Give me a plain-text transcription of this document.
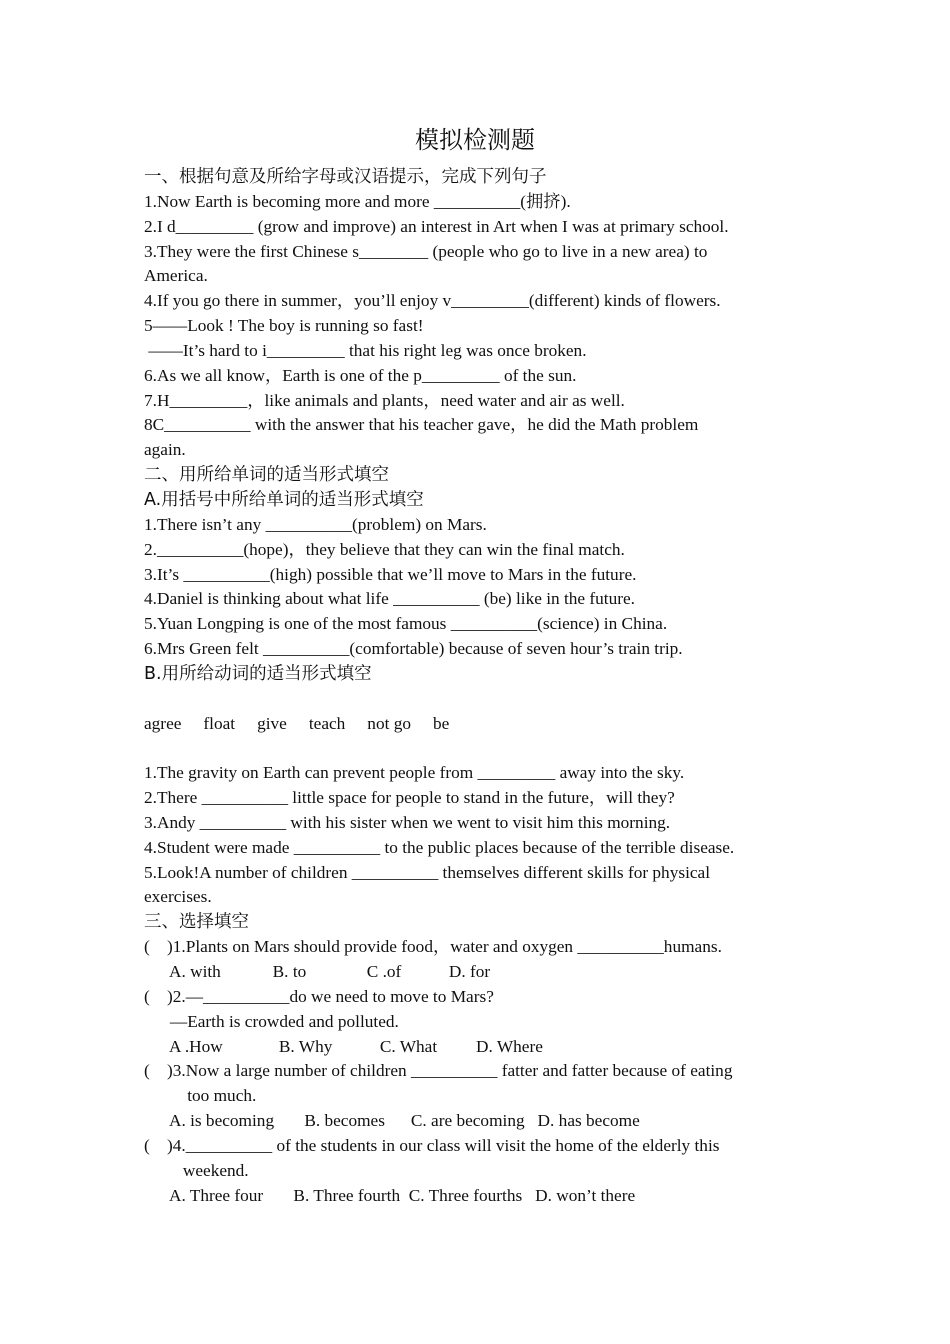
模拟检测题
一、根据句意及所给字母或汉语提示，完成下列句子
1.Now Earth is becoming more and more __________(拥挤).
2.I d_________ (grow and improve) an interest in Art when I was at primary school.
3.They were the first Chinese s________ (people who go to live in a new area) to
America.
4.If you go there in summer，you’ll enjoy v_________(different) kinds of flowers.
5——Look ! The boy is running so fast!
——It’s hard to i_________ that his right leg was once broken.
6.As we all know，Earth is one of the p_________ of the sun.
7.H_________，like animals and plants，need water and air as well.
8C__________ with the answer that his teacher gave，he did the Math problem
again.
二、用所给单词的适当形式填空
A.用括号中所给单词的适当形式填空
1.There isn’t any __________(problem) on Mars.
2.__________(hope)，they believe that they can win the final match.
3.It’s __________(high) possible that we’ll move to Mars in the future.
4.Daniel is thinking about what life __________ (be) like in the future.
5.Yuan Longping is one of the most famous __________(science) in China.
6.Mrs Green felt __________(comfortable) because of seven hour’s train trip.
B.用所给动词的适当形式填空
agree float give teach not go be
1.The gravity on Earth can prevent people from _________ away into the sky.
2.There __________ little space for people to stand in the future，will they?
3.Andy __________ with his sister when we went to visit him this morning.
4.Student were made __________ to the public places because of the terrible disease.
5.Look!A number of children __________ themselves different skills for physical
exercises.
三、选择填空
(    )1.Plants on Mars should provide food，water and oxygen __________humans.
A. with            B. to              C .of           D. for
(    )2.—__________do we need to move to Mars?
—Earth is crowded and polluted.
A .How             B. Why           C. What         D. Where
(    )3.Now a large number of children __________ fatter and fatter because of eating
too much.
A. is becoming       B. becomes      C. are becoming   D. has become
(    )4.__________ of the students in our class will visit the home of the elderly this
weekend.
A. Three four       B. Three fourth  C. Three fourths   D. won’t there
